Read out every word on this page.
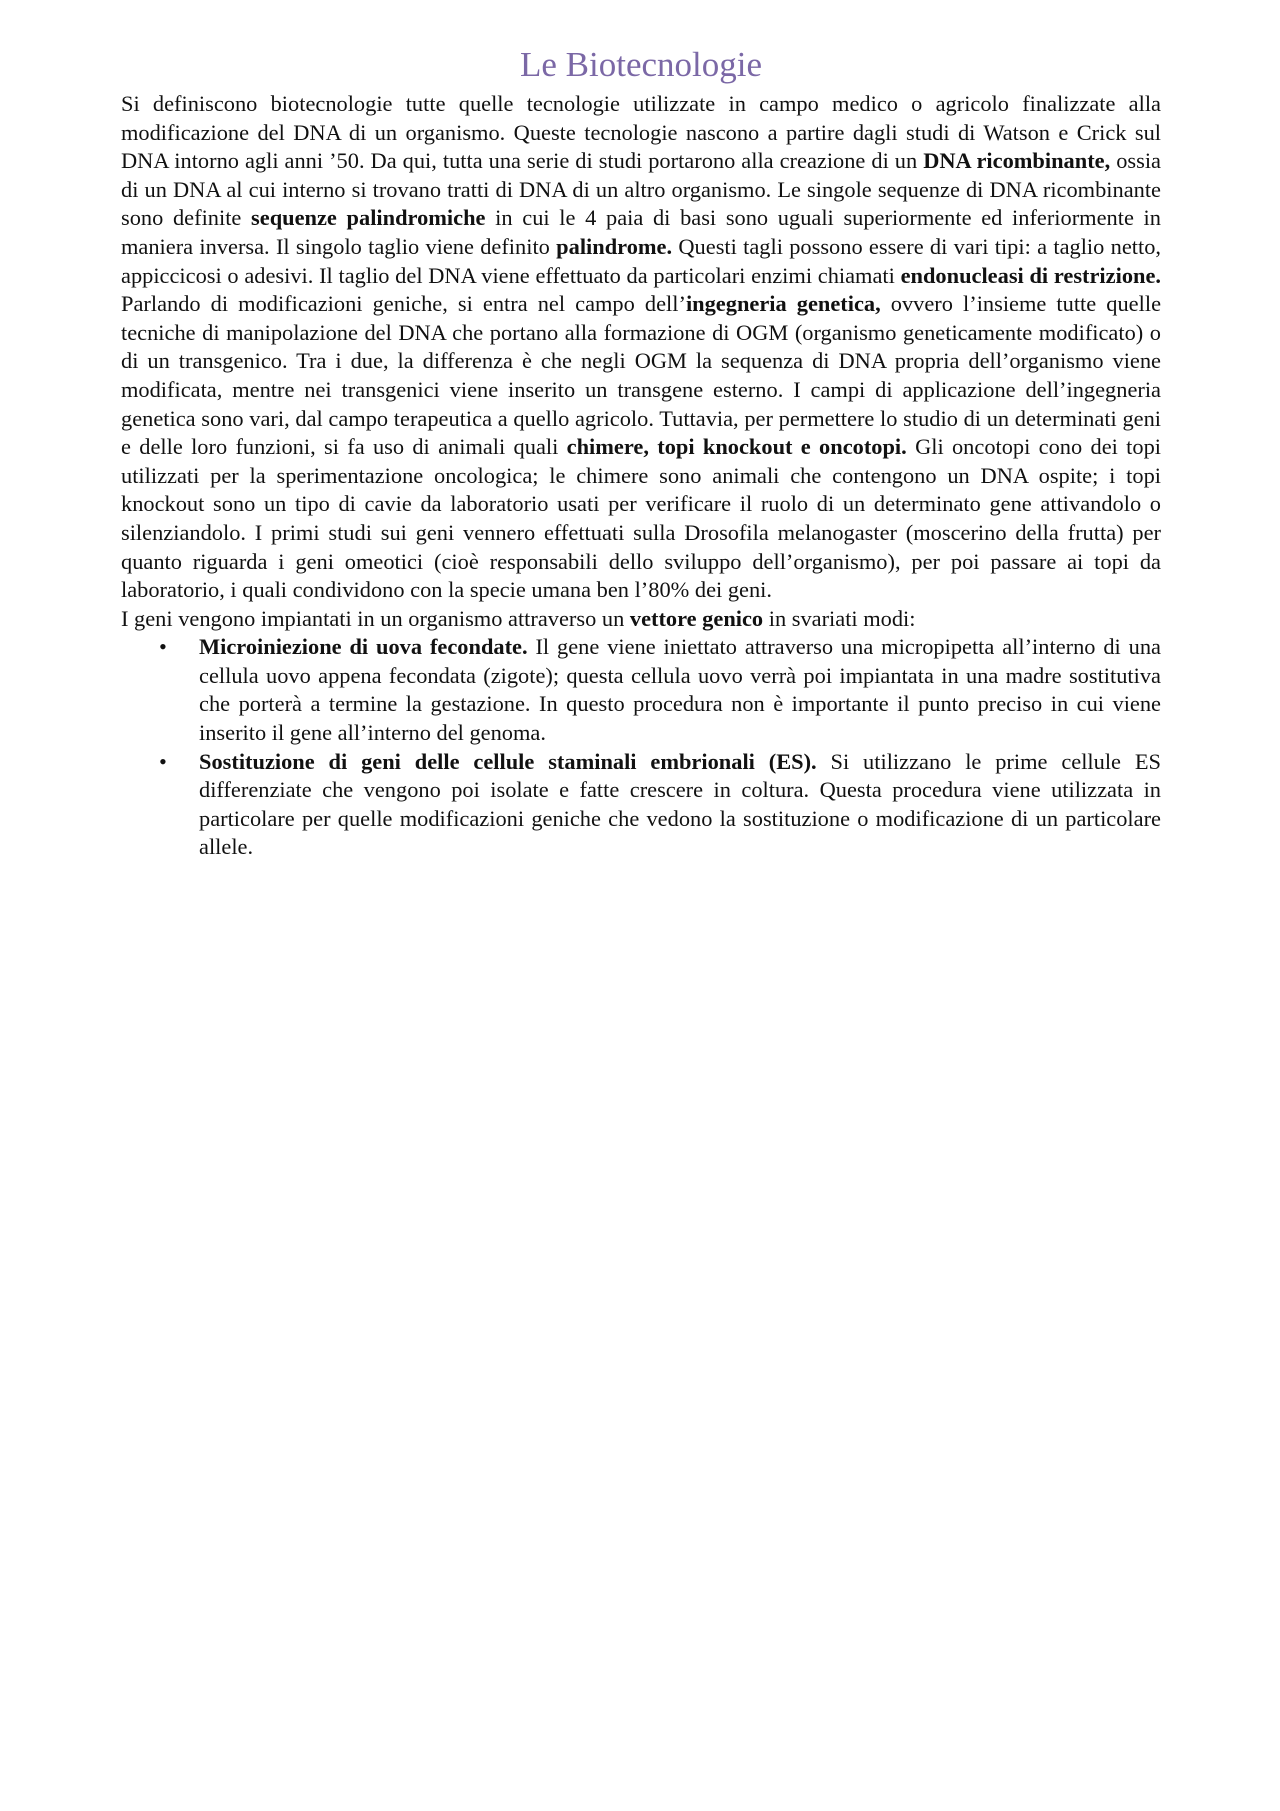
Le Biotecnologie

Si definiscono biotecnologie tutte quelle tecnologie utilizzate in campo medico o agricolo finalizzate alla modificazione del DNA di un organismo. Queste tecnologie nascono a partire dagli studi di Watson e Crick sul DNA intorno agli anni ’50. Da qui, tutta una serie di studi portarono alla creazione di un DNA ricombinante, ossia di un DNA al cui interno si trovano tratti di DNA di un altro organismo. Le singole sequenze di DNA ricombinante sono definite sequenze palindromiche in cui le 4 paia di basi sono uguali superiormente ed inferiormente in maniera inversa. Il singolo taglio viene definito palindrome. Questi tagli possono essere di vari tipi: a taglio netto, appiccicosi o adesivi. Il taglio del DNA viene effettuato da particolari enzimi chiamati endonucleasi di restrizione. Parlando di modificazioni geniche, si entra nel campo dell’ingegneria genetica, ovvero l’insieme tutte quelle tecniche di manipolazione del DNA che portano alla formazione di OGM (organismo geneticamente modificato) o di un transgenico. Tra i due, la differenza è che negli OGM la sequenza di DNA propria dell’organismo viene modificata, mentre nei transgenici viene inserito un transgene esterno. I campi di applicazione dell’ingegneria genetica sono vari, dal campo terapeutica a quello agricolo. Tuttavia, per permettere lo studio di un determinati geni e delle loro funzioni, si fa uso di animali quali chimere, topi knockout e oncotopi. Gli oncotopi cono dei topi utilizzati per la sperimentazione oncologica; le chimere sono animali che contengono un DNA ospite; i topi knockout sono un tipo di cavie da laboratorio usati per verificare il ruolo di un determinato gene attivandolo o silenziandolo. I primi studi sui geni vennero effettuati sulla Drosofila melanogaster (moscerino della frutta) per quanto riguarda i geni omeotici (cioè responsabili dello sviluppo dell’organismo), per poi passare ai topi da laboratorio, i quali condividono con la specie umana ben l’80% dei geni.

I geni vengono impiantati in un organismo attraverso un vettore genico in svariati modi:

• Microiniezione di uova fecondate. Il gene viene iniettato attraverso una micropipetta all’interno di una cellula uovo appena fecondata (zigote); questa cellula uovo verrà poi impiantata in una madre sostitutiva che porterà a termine la gestazione. In questo procedura non è importante il punto preciso in cui viene inserito il gene all’interno del genoma.
• Sostituzione di geni delle cellule staminali embrionali (ES). Si utilizzano le prime cellule ES differenziate che vengono poi isolate e fatte crescere in coltura. Questa procedura viene utilizzata in particolare per quelle modificazioni geniche che vedono la sostituzione o modificazione di un particolare allele.
